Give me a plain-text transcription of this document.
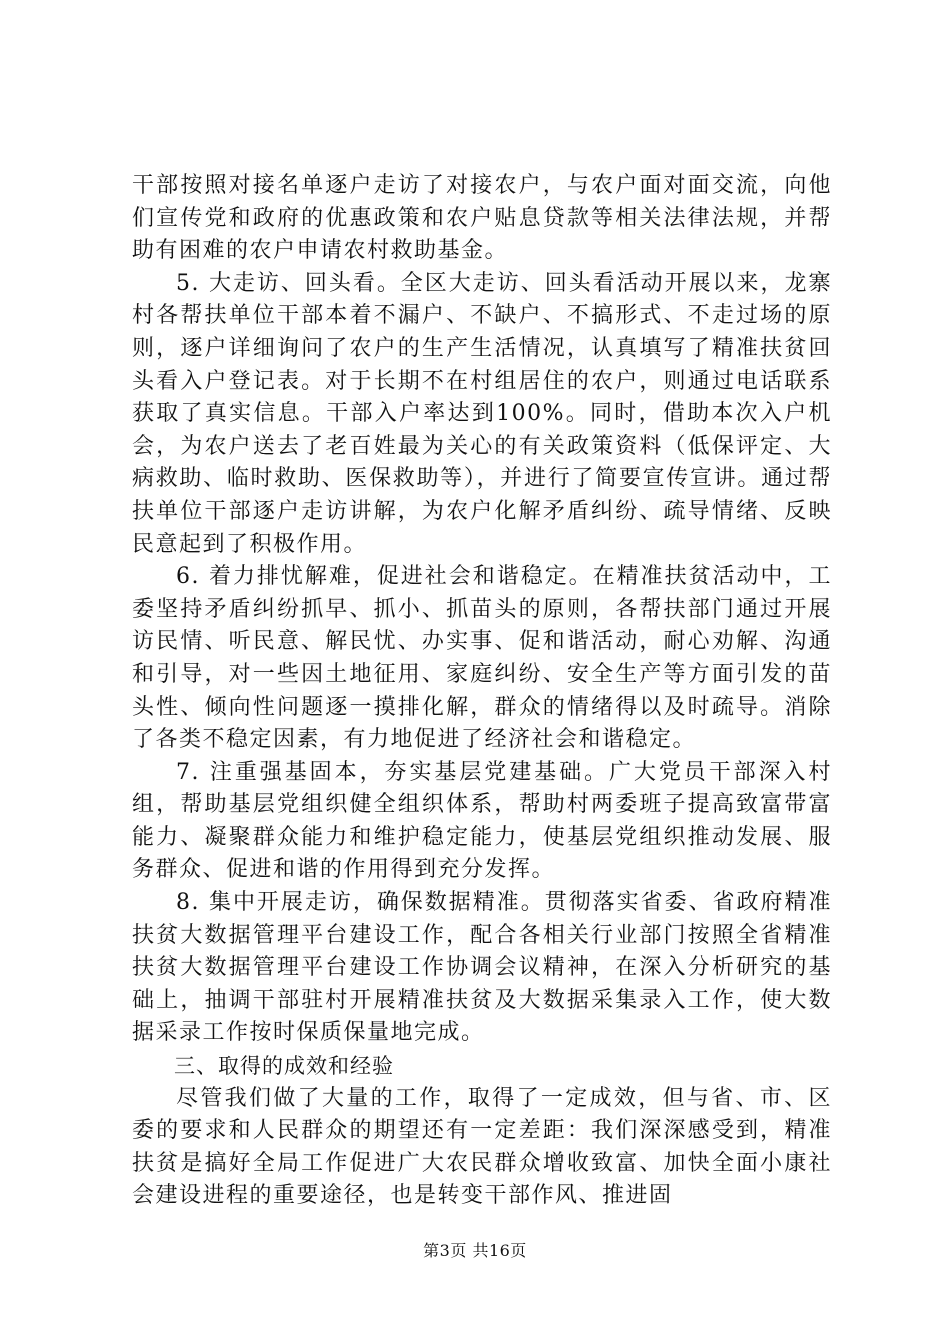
干部按照对接名单逐户走访了对接农户，与农户面对面交流，向他们宣传党和政府的优惠政策和农户贴息贷款等相关法律法规，并帮助有困难的农户申请农村救助基金。

5. 大走访、回头看。全区大走访、回头看活动开展以来，龙寨村各帮扶单位干部本着不漏户、不缺户、不搞形式、不走过场的原则，逐户详细询问了农户的生产生活情况，认真填写了精准扶贫回头看入户登记表。对于长期不在村组居住的农户，则通过电话联系获取了真实信息。干部入户率达到100%。同时，借助本次入户机会，为农户送去了老百姓最为关心的有关政策资料（低保评定、大病救助、临时救助、医保救助等），并进行了简要宣传宣讲。通过帮扶单位干部逐户走访讲解，为农户化解矛盾纠纷、疏导情绪、反映民意起到了积极作用。

6. 着力排忧解难，促进社会和谐稳定。在精准扶贫活动中，工委坚持矛盾纠纷抓早、抓小、抓苗头的原则，各帮扶部门通过开展访民情、听民意、解民忧、办实事、促和谐活动，耐心劝解、沟通和引导，对一些因土地征用、家庭纠纷、安全生产等方面引发的苗头性、倾向性问题逐一摸排化解，群众的情绪得以及时疏导。消除了各类不稳定因素，有力地促进了经济社会和谐稳定。

7. 注重强基固本，夯实基层党建基础。广大党员干部深入村组，帮助基层党组织健全组织体系，帮助村两委班子提高致富带富能力、凝聚群众能力和维护稳定能力，使基层党组织推动发展、服务群众、促进和谐的作用得到充分发挥。

8. 集中开展走访，确保数据精准。贯彻落实省委、省政府精准扶贫大数据管理平台建设工作，配合各相关行业部门按照全省精准扶贫大数据管理平台建设工作协调会议精神，在深入分析研究的基础上，抽调干部驻村开展精准扶贫及大数据采集录入工作，使大数据采录工作按时保质保量地完成。

三、取得的成效和经验

尽管我们做了大量的工作，取得了一定成效，但与省、市、区委的要求和人民群众的期望还有一定差距：我们深深感受到，精准扶贫是搞好全局工作促进广大农民群众增收致富、加快全面小康社会建设进程的重要途径，也是转变干部作风、推进固

第3页 共16页
